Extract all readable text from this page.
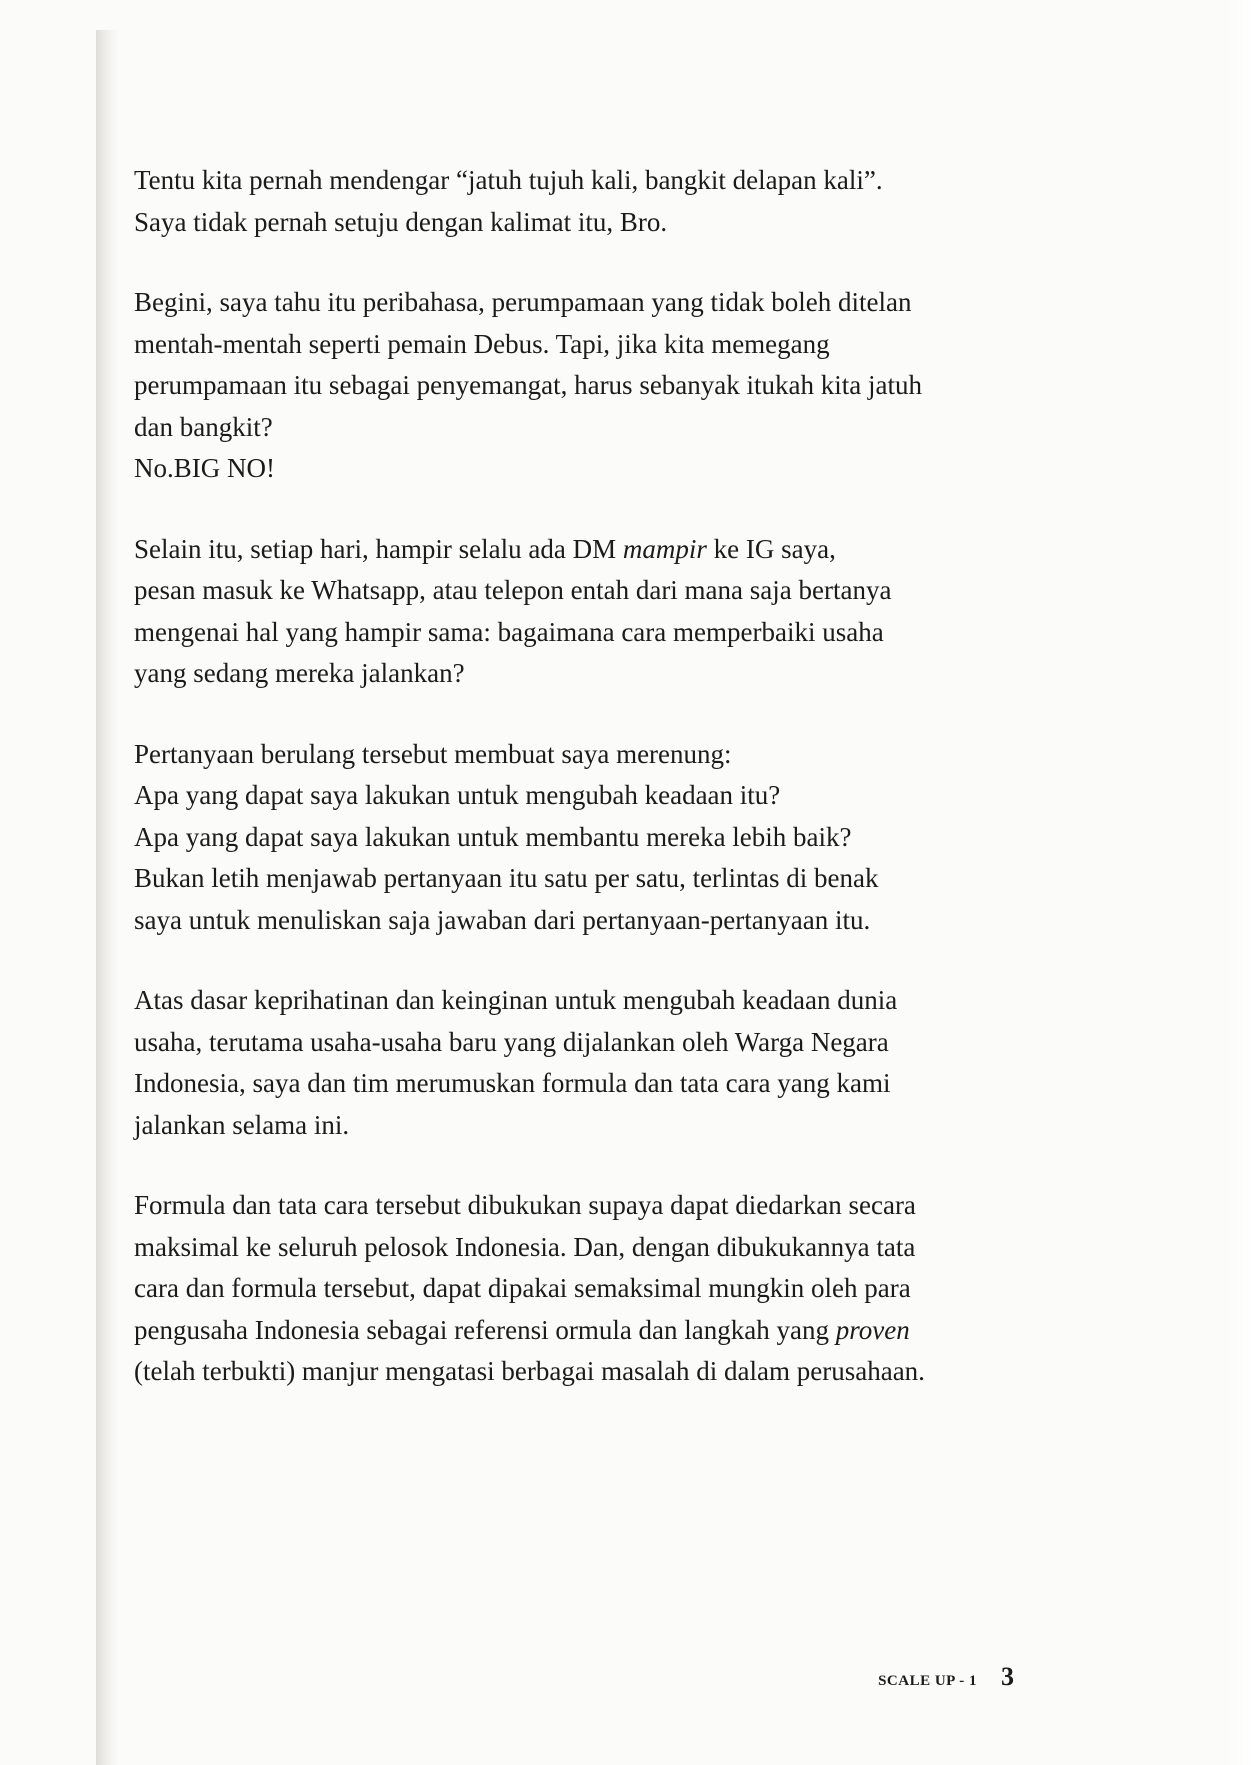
Tentu kita pernah mendengar “jatuh tujuh kali, bangkit delapan kali”.
Saya tidak pernah setuju dengan kalimat itu, Bro.

Begini, saya tahu itu peribahasa, perumpamaan yang tidak boleh ditelan
mentah-mentah seperti pemain Debus. Tapi, jika kita memegang
perumpamaan itu sebagai penyemangat, harus sebanyak itukah kita jatuh
dan bangkit?
No.BIG NO!

Selain itu, setiap hari, hampir selalu ada DM mampir ke IG saya,
pesan masuk ke Whatsapp, atau telepon entah dari mana saja bertanya
mengenai hal yang hampir sama: bagaimana cara memperbaiki usaha
yang sedang mereka jalankan?

Pertanyaan berulang tersebut membuat saya merenung:
Apa yang dapat saya lakukan untuk mengubah keadaan itu?
Apa yang dapat saya lakukan untuk membantu mereka lebih baik?
Bukan letih menjawab pertanyaan itu satu per satu, terlintas di benak
saya untuk menuliskan saja jawaban dari pertanyaan-pertanyaan itu.

Atas dasar keprihatinan dan keinginan untuk mengubah keadaan dunia
usaha, terutama usaha-usaha baru yang dijalankan oleh Warga Negara
Indonesia, saya dan tim merumuskan formula dan tata cara yang kami
jalankan selama ini.

Formula dan tata cara tersebut dibukukan supaya dapat diedarkan secara
maksimal ke seluruh pelosok Indonesia. Dan, dengan dibukukannya tata
cara dan formula tersebut, dapat dipakai semaksimal mungkin oleh para
pengusaha Indonesia sebagai referensi ormula dan langkah yang proven
(telah terbukti) manjur mengatasi berbagai masalah di dalam perusahaan.

SCALE UP - 1 3
